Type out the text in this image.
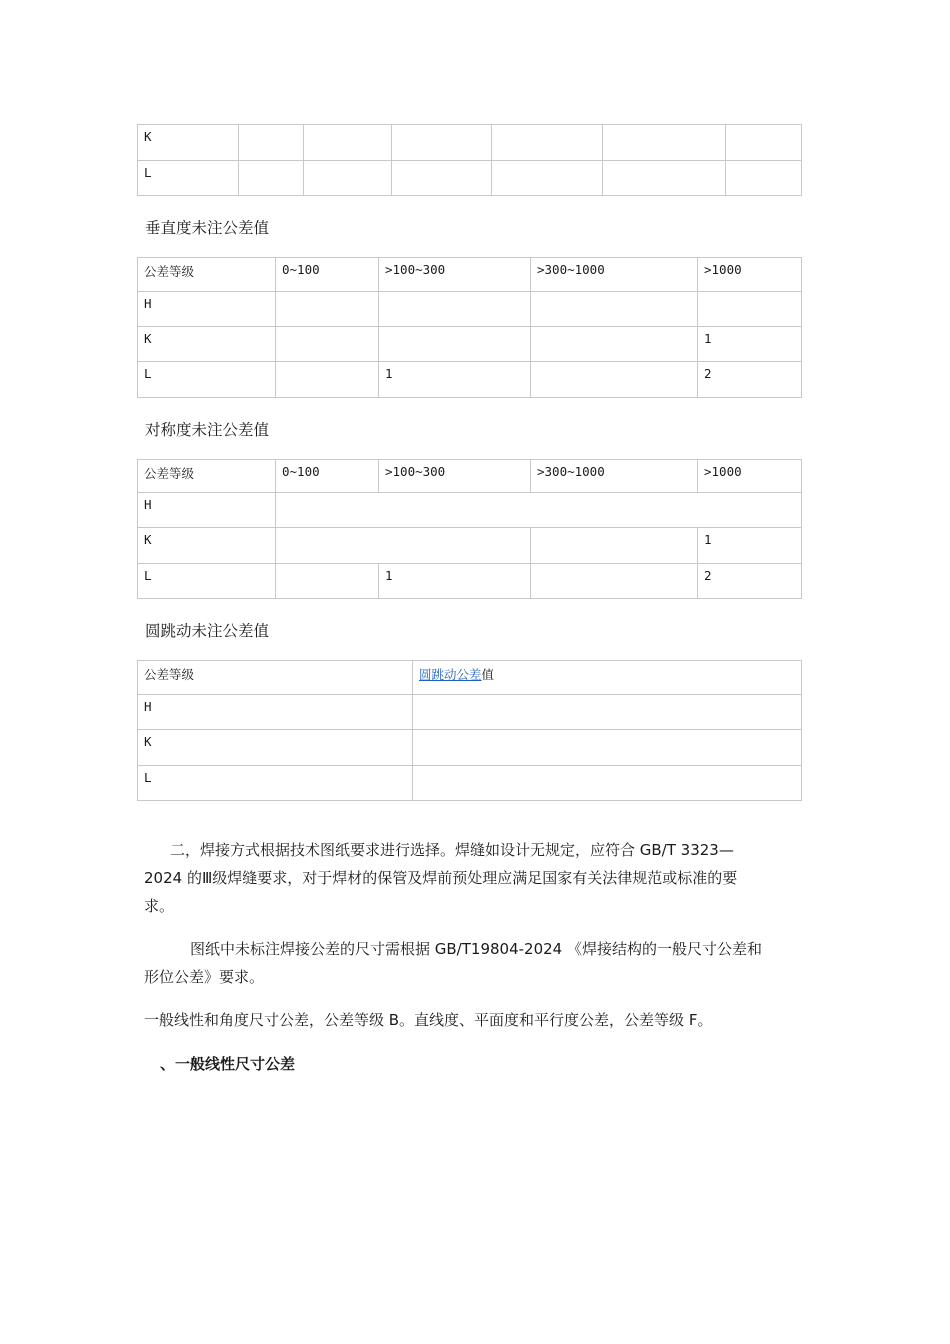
K						
L						
垂直度未注公差值
公差等级	0~100	>100~300	>300~1000	>1000
H				
K				1
L		1		2
对称度未注公差值
公差等级	0~100	>100~300	>300~1000	>1000
H				
K				1
L		1		2
圆跳动未注公差值
公差等级	圆跳动公差值
H	
K	
L	
二，焊接方式根据技术图纸要求进行选择。焊缝如设计无规定，应符合 GB/T 3323—
2024 的Ⅲ级焊缝要求，对于焊材的保管及焊前预处理应满足国家有关法律规范或标准的要
求。
图纸中未标注焊接公差的尺寸需根据 GB/T19804-2024 《焊接结构的一般尺寸公差和
形位公差》要求。
一般线性和角度尺寸公差，公差等级 B。直线度、平面度和平行度公差，公差等级 F。
、一般线性尺寸公差
